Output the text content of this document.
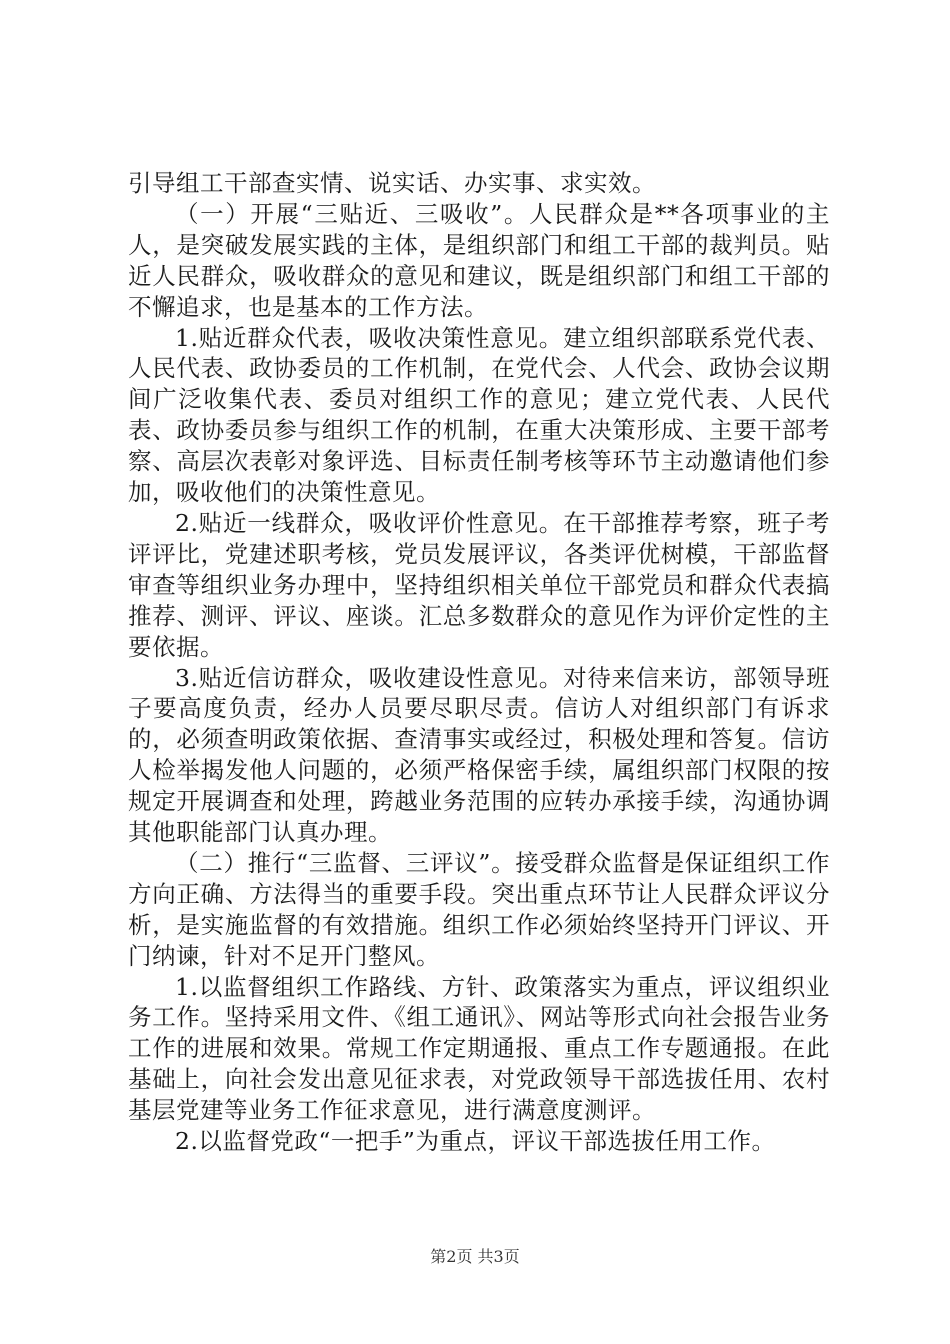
引导组工干部查实情、说实话、办实事、求实效。

（一）开展“三贴近、三吸收”。人民群众是**各项事业的主人，是突破发展实践的主体，是组织部门和组工干部的裁判员。贴近人民群众，吸收群众的意见和建议，既是组织部门和组工干部的不懈追求，也是基本的工作方法。

1.贴近群众代表，吸收决策性意见。建立组织部联系党代表、人民代表、政协委员的工作机制，在党代会、人代会、政协会议期间广泛收集代表、委员对组织工作的意见；建立党代表、人民代表、政协委员参与组织工作的机制，在重大决策形成、主要干部考察、高层次表彰对象评选、目标责任制考核等环节主动邀请他们参加，吸收他们的决策性意见。

2.贴近一线群众，吸收评价性意见。在干部推荐考察，班子考评评比，党建述职考核，党员发展评议，各类评优树模，干部监督审查等组织业务办理中，坚持组织相关单位干部党员和群众代表搞推荐、测评、评议、座谈。汇总多数群众的意见作为评价定性的主要依据。

3.贴近信访群众，吸收建设性意见。对待来信来访，部领导班子要高度负责，经办人员要尽职尽责。信访人对组织部门有诉求的，必须查明政策依据、查清事实或经过，积极处理和答复。信访人检举揭发他人问题的，必须严格保密手续，属组织部门权限的按规定开展调查和处理，跨越业务范围的应转办承接手续，沟通协调其他职能部门认真办理。

（二）推行“三监督、三评议”。接受群众监督是保证组织工作方向正确、方法得当的重要手段。突出重点环节让人民群众评议分析，是实施监督的有效措施。组织工作必须始终坚持开门评议、开门纳谏，针对不足开门整风。

1.以监督组织工作路线、方针、政策落实为重点，评议组织业务工作。坚持采用文件、《组工通讯》、网站等形式向社会报告业务工作的进展和效果。常规工作定期通报、重点工作专题通报。在此基础上，向社会发出意见征求表，对党政领导干部选拔任用、农村基层党建等业务工作征求意见，进行满意度测评。

2.以监督党政“一把手”为重点，评议干部选拔任用工作。

第2页 共3页
